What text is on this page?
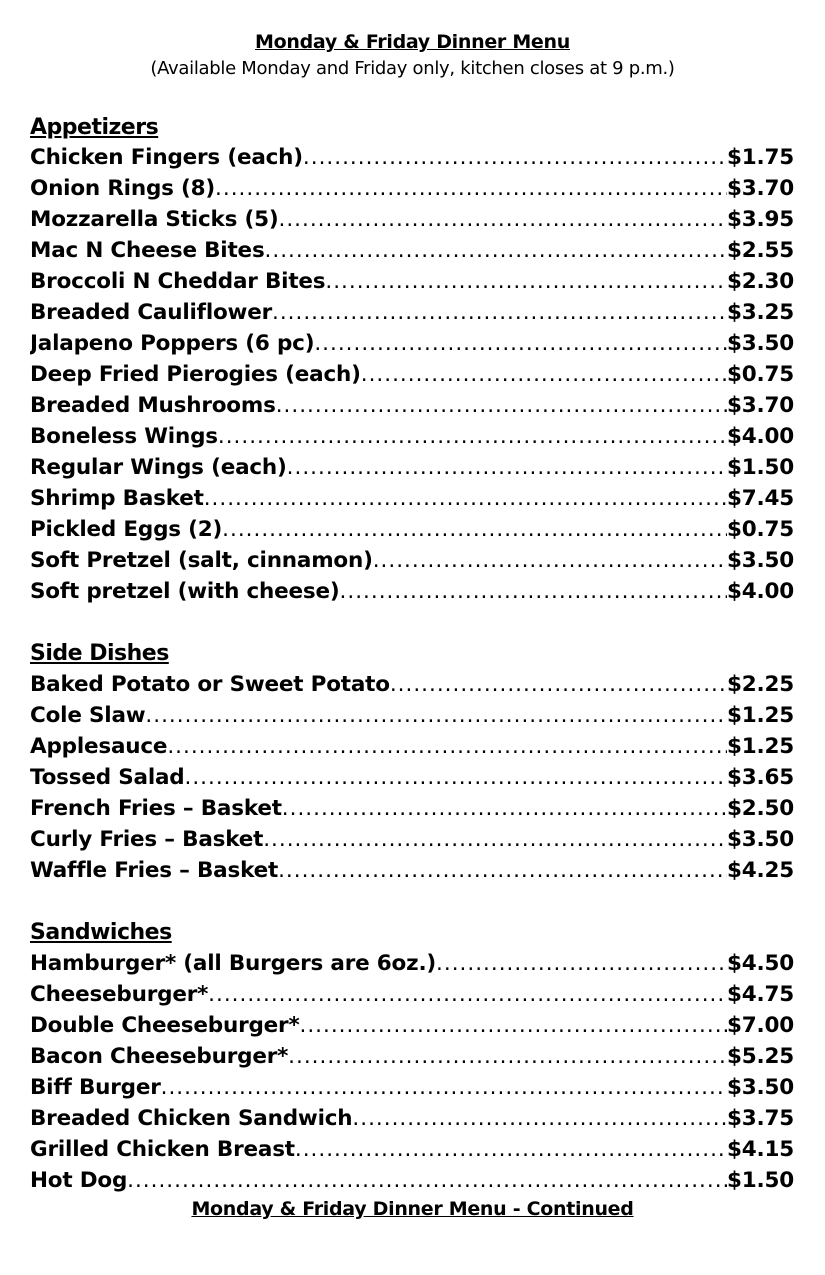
Monday & Friday Dinner Menu
(Available Monday and Friday only, kitchen closes at 9 p.m.)
Appetizers
Chicken Fingers (each) .....	$1.75
Onion Rings (8) .....	$3.70
Mozzarella Sticks (5) .....	$3.95
Mac N Cheese Bites .....	$2.55
Broccoli N Cheddar Bites .....	$2.30
Breaded Cauliflower .....	$3.25
Jalapeno Poppers (6 pc) .....	$3.50
Deep Fried Pierogies (each) .....	$0.75
Breaded Mushrooms .....	$3.70
Boneless Wings .....	$4.00
Regular Wings (each) .....	$1.50
Shrimp Basket .....	$7.45
Pickled Eggs (2) .....	$0.75
Soft Pretzel (salt, cinnamon) .....	$3.50
Soft pretzel (with cheese) .....	$4.00
Side Dishes
Baked Potato or Sweet Potato .....	$2.25
Cole Slaw .....	$1.25
Applesauce .....	$1.25
Tossed Salad .....	$3.65
French Fries – Basket .....	$2.50
Curly Fries – Basket .....	$3.50
Waffle Fries – Basket .....	$4.25
Sandwiches
Hamburger* (all Burgers are 6oz.) .....	$4.50
Cheeseburger* .....	$4.75
Double Cheeseburger* .....	$7.00
Bacon Cheeseburger* .....	$5.25
Biff Burger .....	$3.50
Breaded Chicken Sandwich .....	$3.75
Grilled Chicken Breast .....	$4.15
Hot Dog .....	$1.50
Monday & Friday Dinner Menu - Continued
